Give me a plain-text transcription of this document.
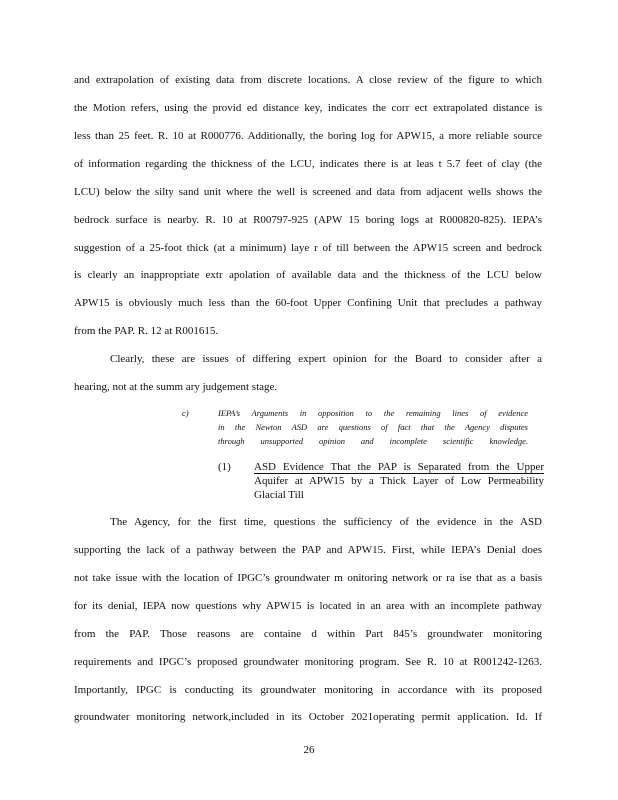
and extrapolation of existing data from discrete locations. A close review of the figure to which
the Motion refers, using the provid ed distance key, indicates the corr ect extrapolated distance is
less than 25 feet. R. 10 at R000776. Additionally, the boring log for APW15, a more reliable source
of information regarding the thickness of the LCU, indicates there is at leas t 5.7 feet of clay (the
LCU) below the silty sand unit where the well is screened and data from adjacent wells shows the
bedrock surface is nearby. R. 10 at R00797-925 (APW 15 boring logs at R000820-825). IEPA’s
suggestion of a 25-foot thick (at a minimum) laye r of till between the APW15 screen and bedrock
is clearly an inappropriate extr apolation of available data and the thickness of the LCU below
APW15 is obviously much less than the 60-foot Upper Confining Unit that precludes a pathway
from the PAP. R. 12 at R001615.
Clearly, these are issues of differing expert opinion for the Board to consider after a
hearing, not at the summ ary judgement stage.
c)	IEPA’s Arguments in opposition to the remaining lines of evidence
in the Newton ASD are questions of fact that the Agency disputes
through unsupported opinion and incomplete scientific knowledge.
(1) ASD Evidence That the PAP is Separated from the Upper
Aquifer at APW15 by a Thick Layer of Low Permeability
Glacial Till
The Agency, for the first time, questions the sufficiency of the evidence in the ASD
supporting the lack of a pathway between the PAP and APW15. First, while IEPA’s Denial does
not take issue with the location of IPGC’s groundwater m onitoring network or ra ise that as a basis
for its denial, IEPA now questions why APW15 is located in an area with an incomplete pathway
from the PAP. Those reasons are containe d within Part 845’s groundwater monitoring
requirements and IPGC’s proposed groundwater monitoring program. See R. 10 at R001242-1263.
Importantly, IPGC is conducting its groundwater monitoring in accordance with its proposed
groundwater monitoring network,included in its October 2021operating permit application. Id. If
26
